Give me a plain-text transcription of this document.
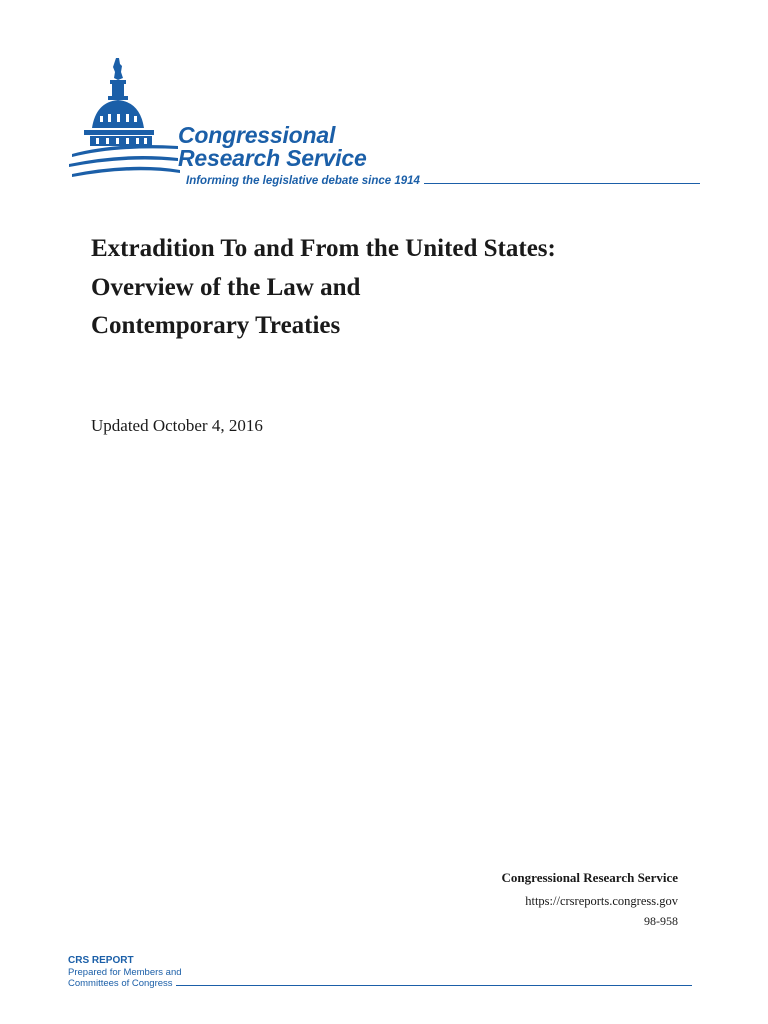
Congressional
Research Service
Informing the legislative debate since 1914
Extradition To and From the United States:
Overview of the Law and
Contemporary Treaties
Updated October 4, 2016
Congressional Research Service
https://crsreports.congress.gov
98-958
CRS REPORT
Prepared for Members and
Committees of Congress
